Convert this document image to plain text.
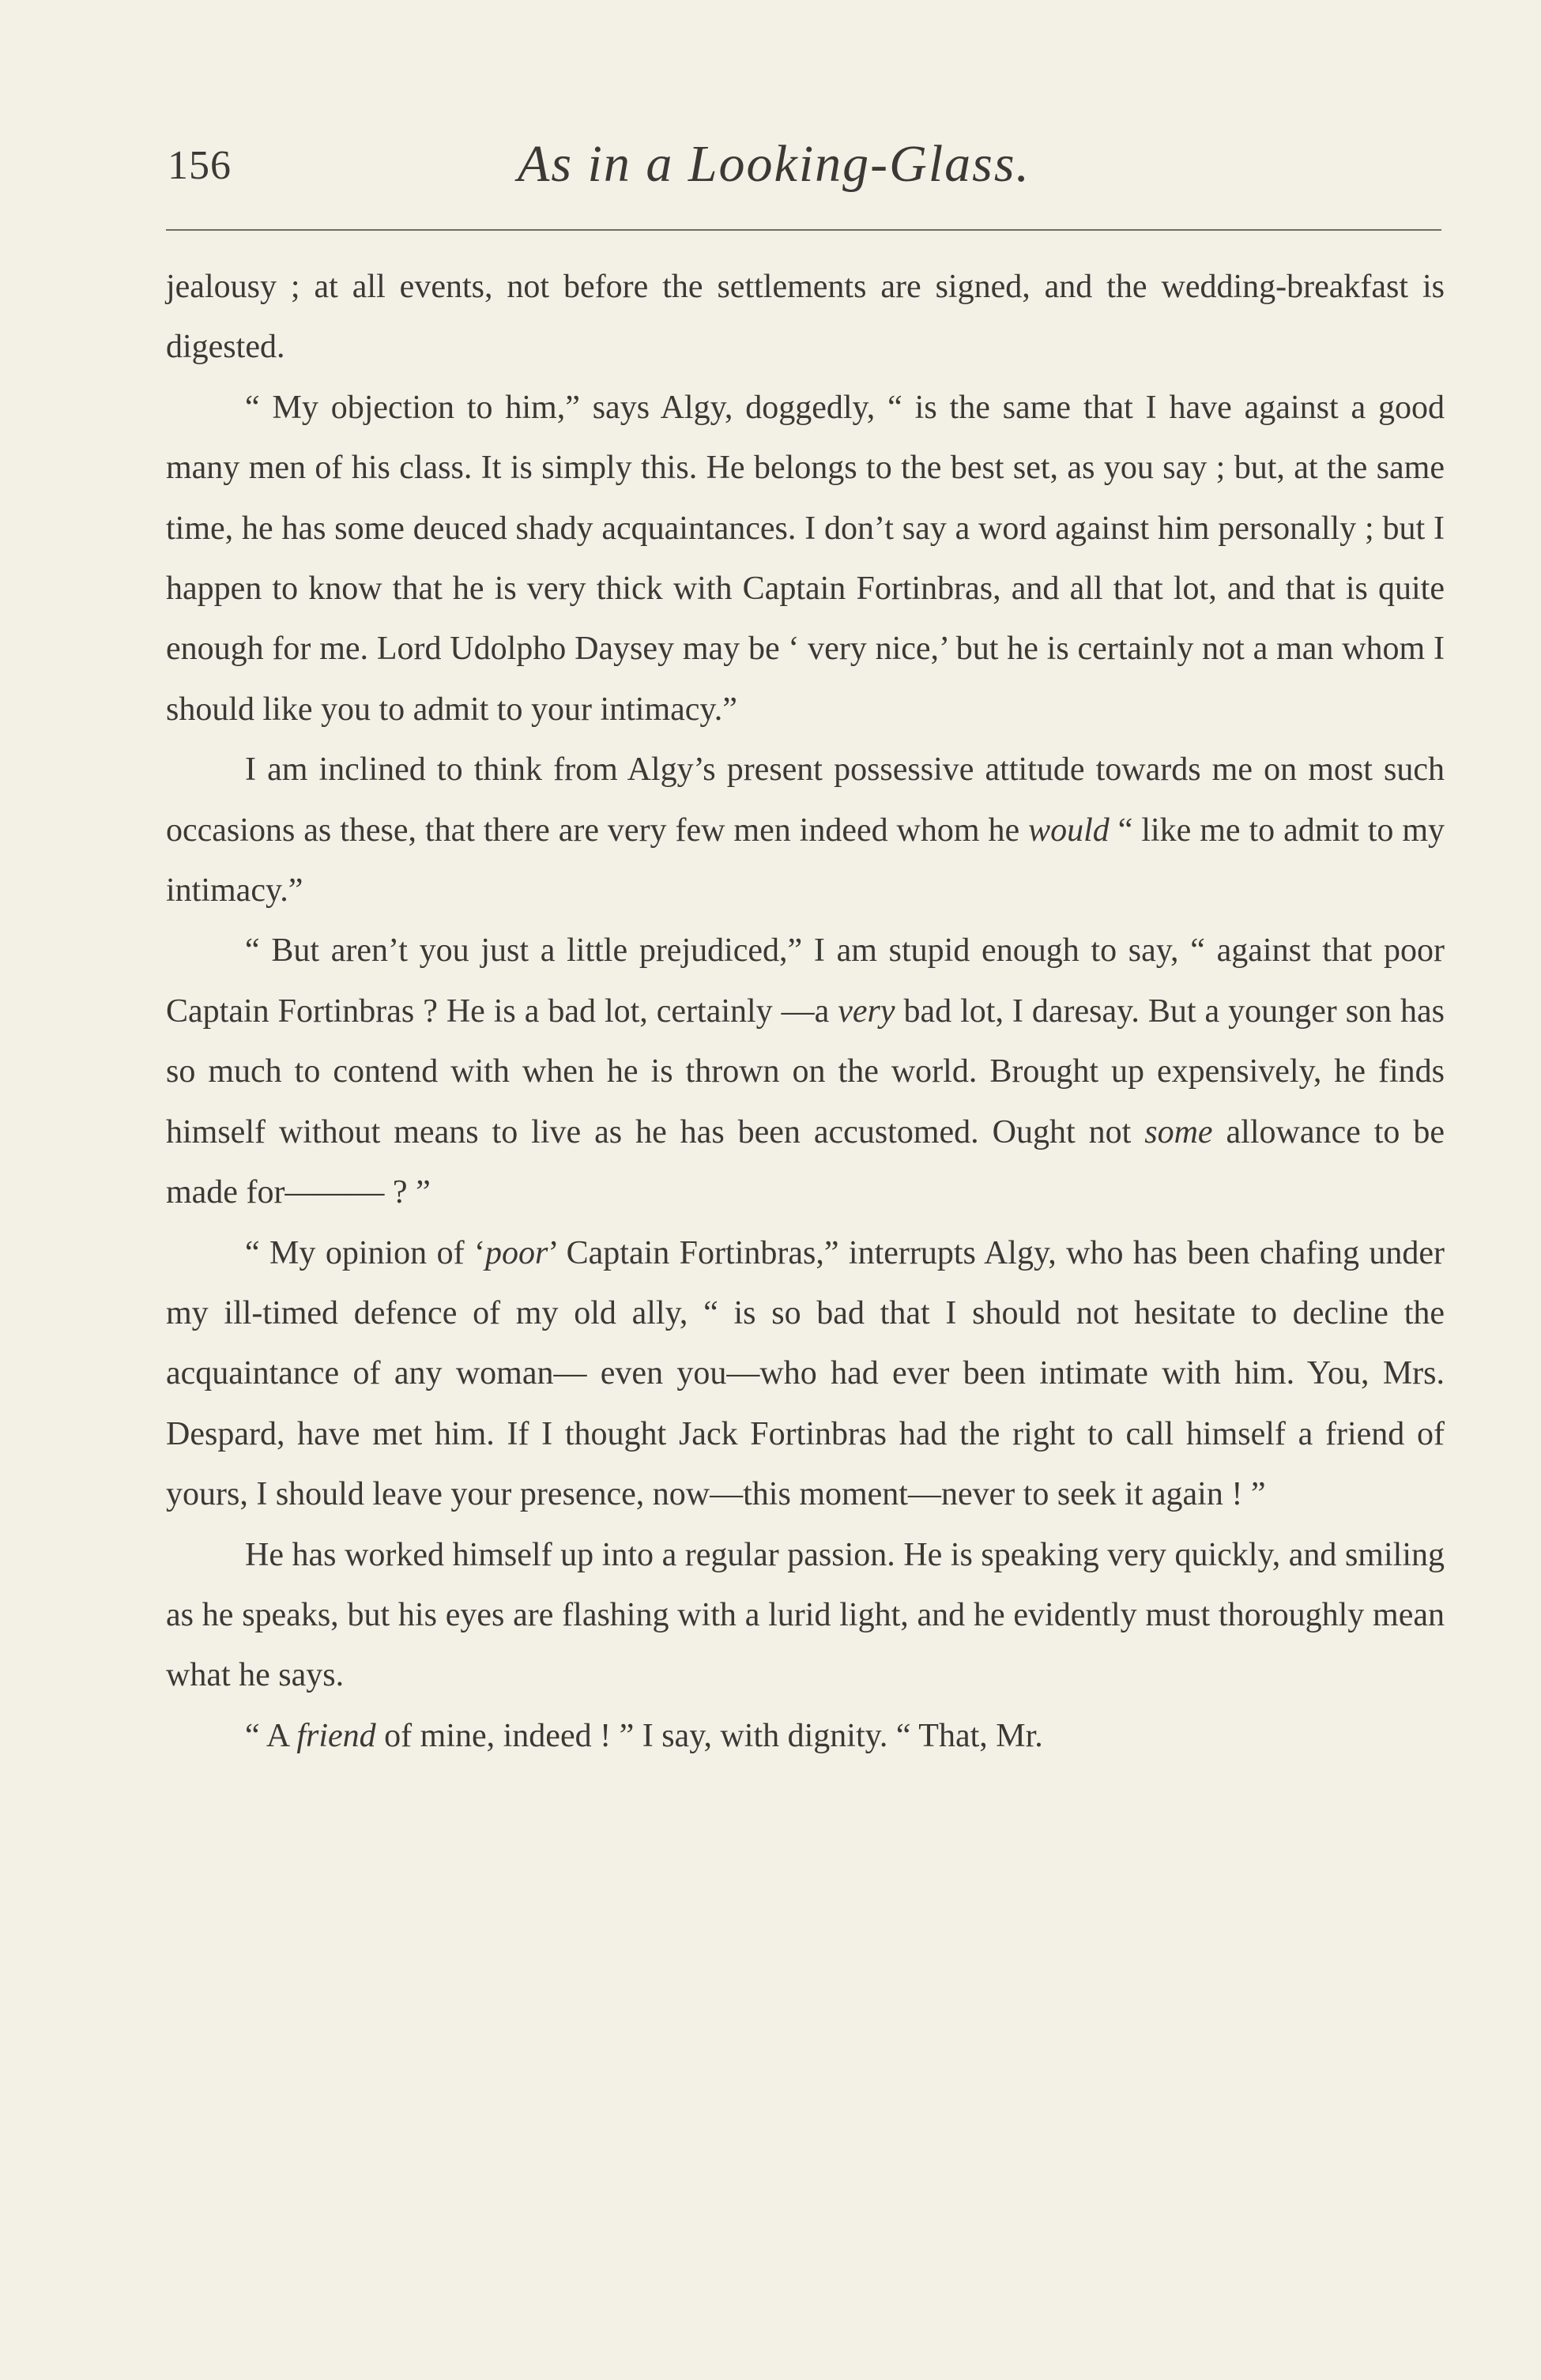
156	As in a Looking-Glass.

jealousy ; at all events, not before the settlements are signed, and the wedding-breakfast is digested.

“ My objection to him,” says Algy, doggedly, “ is the same that I have against a good many men of his class. It is simply this. He belongs to the best set, as you say ; but, at the same time, he has some deuced shady acquaintances. I don’t say a word against him personally ; but I happen to know that he is very thick with Captain Fortinbras, and all that lot, and that is quite enough for me. Lord Udolpho Daysey may be ‘ very nice,’ but he is certainly not a man whom I should like you to admit to your intimacy.”

I am inclined to think from Algy’s present possessive attitude towards me on most such occasions as these, that there are very few men indeed whom he would “ like me to admit to my intimacy.”

“ But aren’t you just a little prejudiced,” I am stupid enough to say, “ against that poor Captain Fortinbras ? He is a bad lot, certainly —a very bad lot, I daresay. But a younger son has so much to contend with when he is thrown on the world. Brought up expensively, he finds himself without means to live as he has been accustomed. Ought not some allowance to be made for——— ? ”

“ My opinion of ‘poor’ Captain Fortinbras,” interrupts Algy, who has been chafing under my ill-timed defence of my old ally, “ is so bad that I should not hesitate to decline the acquaintance of any woman— even you—who had ever been intimate with him. You, Mrs. Despard, have met him. If I thought Jack Fortinbras had the right to call himself a friend of yours, I should leave your presence, now—this moment—never to seek it again ! ”

He has worked himself up into a regular passion. He is speaking very quickly, and smiling as he speaks, but his eyes are flashing with a lurid light, and he evidently must thoroughly mean what he says.

“ A friend of mine, indeed ! ” I say, with dignity. “ That, Mr.
